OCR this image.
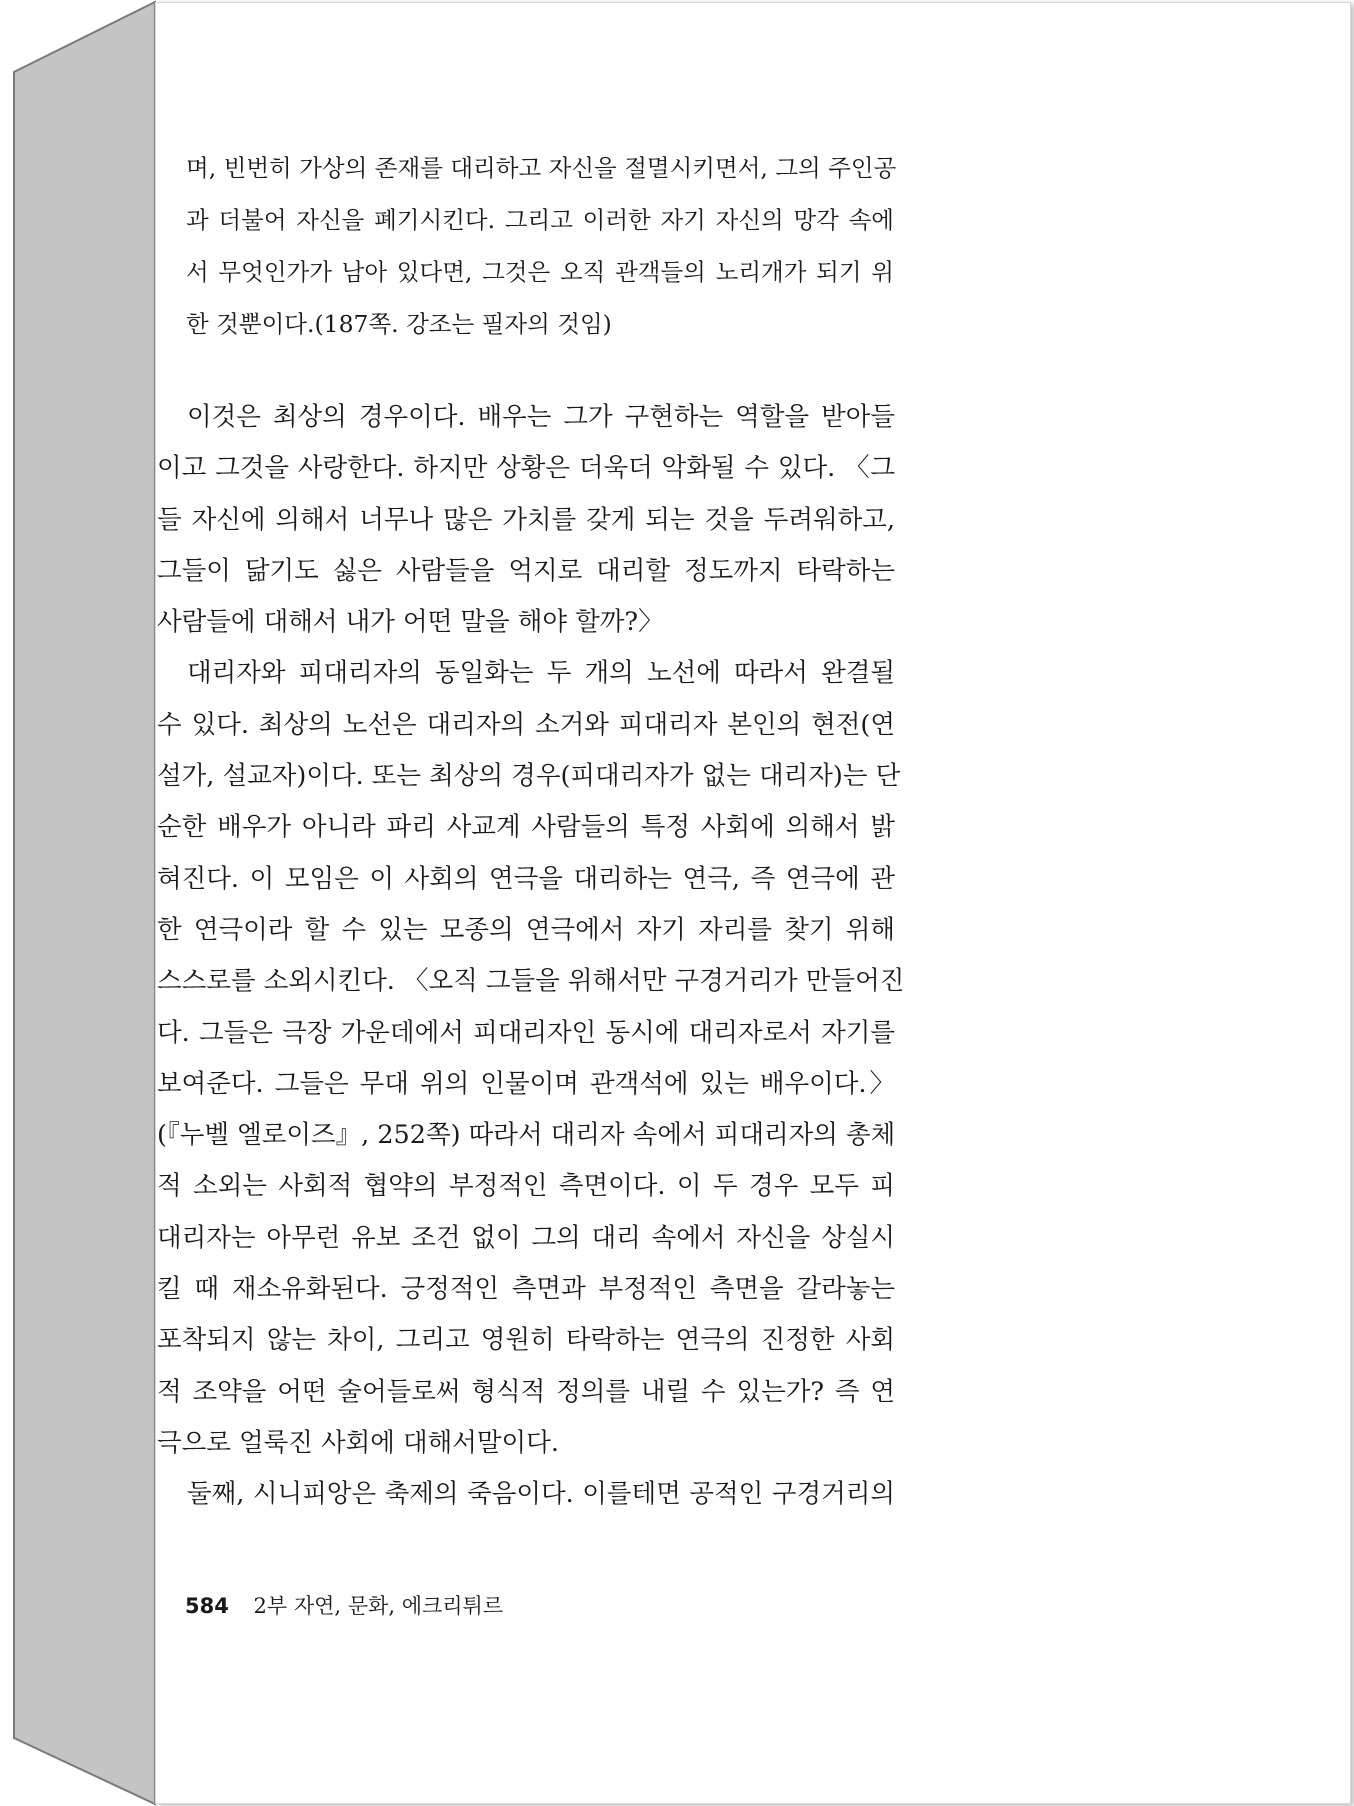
며, 빈번히 가상의 존재를 대리하고 자신을 절멸시키면서, 그의 주인공
과 더불어 자신을 폐기시킨다. 그리고 이러한 자기 자신의 망각 속에
서 무엇인가가 남아 있다면, 그것은 오직 관객들의 노리개가 되기 위
한 것뿐이다.(187쪽. 강조는 필자의 것임)
이것은 최상의 경우이다. 배우는 그가 구현하는 역할을 받아들
이고 그것을 사랑한다. 하지만 상황은 더욱더 악화될 수 있다. 〈그
들 자신에 의해서 너무나 많은 가치를 갖게 되는 것을 두려워하고,
그들이 닮기도 싫은 사람들을 억지로 대리할 정도까지 타락하는
사람들에 대해서 내가 어떤 말을 해야 할까?〉
대리자와 피대리자의 동일화는 두 개의 노선에 따라서 완결될
수 있다. 최상의 노선은 대리자의 소거와 피대리자 본인의 현전(연
설가, 설교자)이다. 또는 최상의 경우(피대리자가 없는 대리자)는 단
순한 배우가 아니라 파리 사교계 사람들의 특정 사회에 의해서 밝
혀진다. 이 모임은 이 사회의 연극을 대리하는 연극, 즉 연극에 관
한 연극이라 할 수 있는 모종의 연극에서 자기 자리를 찾기 위해
스스로를 소외시킨다. 〈오직 그들을 위해서만 구경거리가 만들어진
다. 그들은 극장 가운데에서 피대리자인 동시에 대리자로서 자기를
보여준다. 그들은 무대 위의 인물이며 관객석에 있는 배우이다.〉
(『누벨 엘로이즈』, 252쪽) 따라서 대리자 속에서 피대리자의 총체
적 소외는 사회적 협약의 부정적인 측면이다. 이 두 경우 모두 피
대리자는 아무런 유보 조건 없이 그의 대리 속에서 자신을 상실시
킬 때 재소유화된다. 긍정적인 측면과 부정적인 측면을 갈라놓는
포착되지 않는 차이, 그리고 영원히 타락하는 연극의 진정한 사회
적 조약을 어떤 술어들로써 형식적 정의를 내릴 수 있는가? 즉 연
극으로 얼룩진 사회에 대해서말이다.
둘째, 시니피앙은 축제의 죽음이다. 이를테면 공적인 구경거리의
584 2부 자연, 문화, 에크리튀르
